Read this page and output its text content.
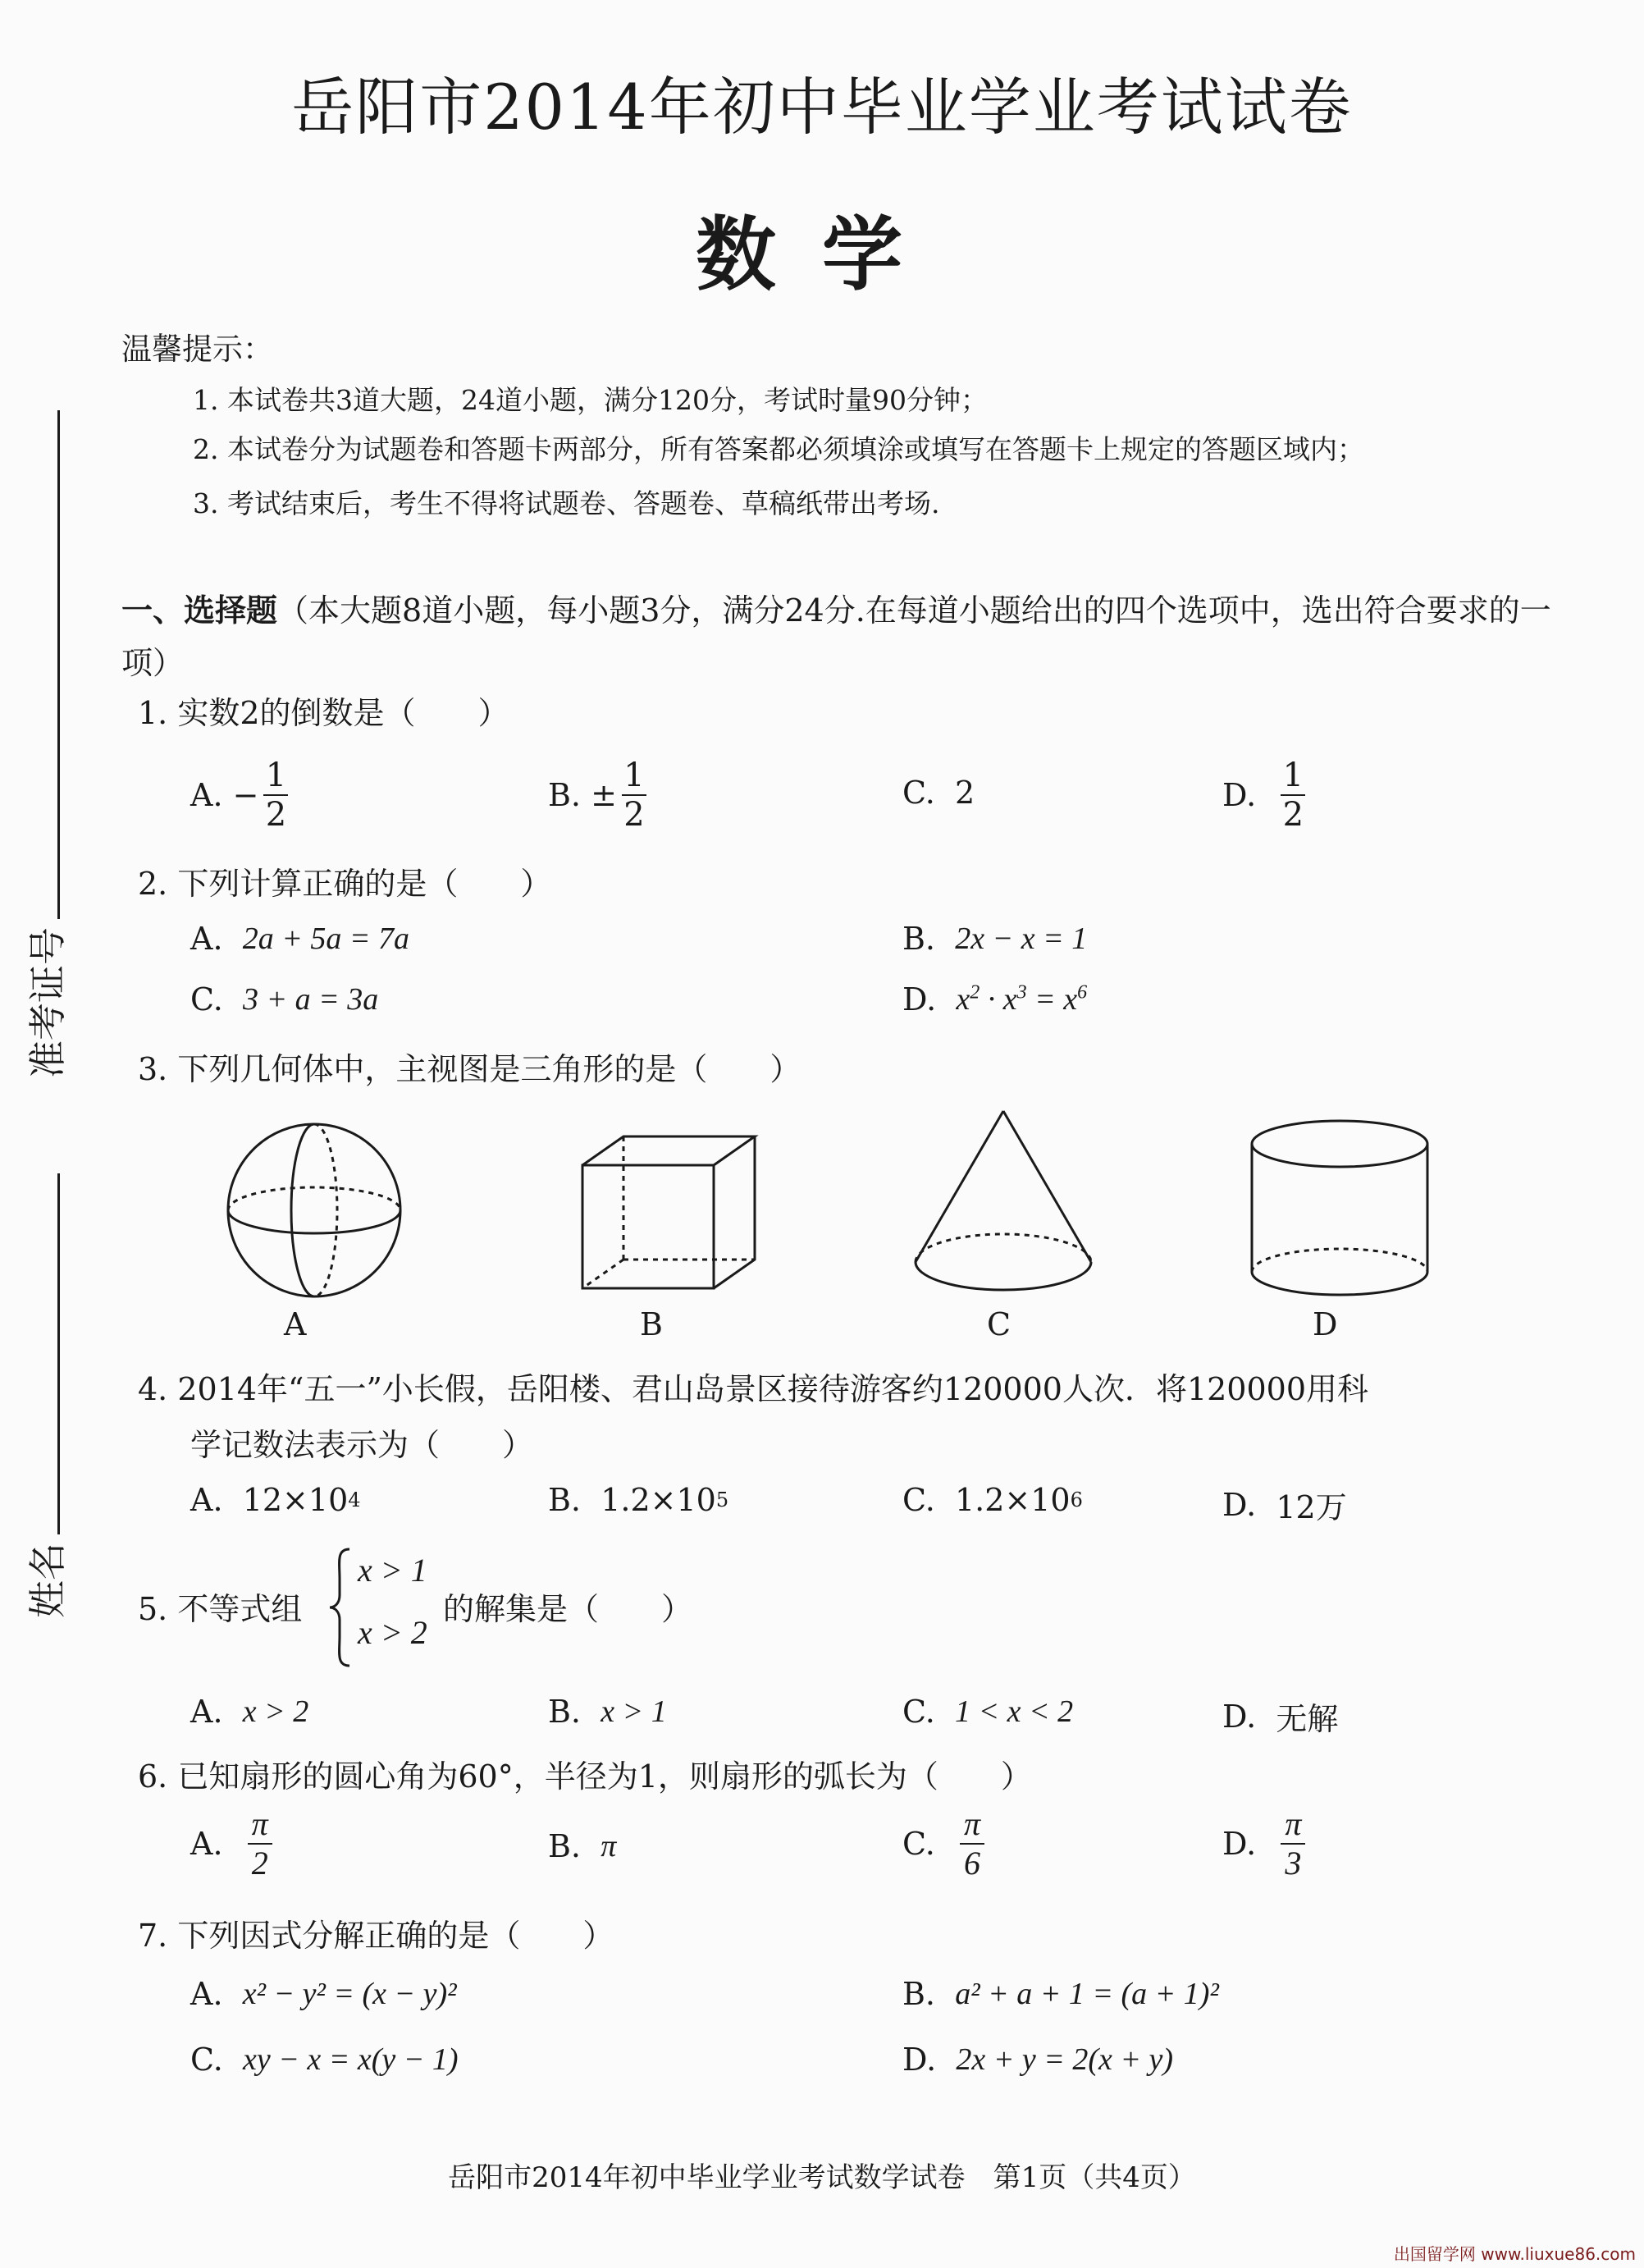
岳阳市2014年初中毕业学业考试试卷
数学
温馨提示：
1. 本试卷共3道大题，24道小题，满分120分，考试时量90分钟；
2. 本试卷分为试题卷和答题卡两部分，所有答案都必须填涂或填写在答题卡上规定的答题区域内；
3. 考试结束后，考生不得将试题卷、答题卷、草稿纸带出考场.
一、选择题（本大题8道小题，每小题3分，满分24分.在每道小题给出的四个选项中，选出符合要求的一项）
1. 实数2的倒数是（　　）
A.
− $\frac{1}{2}$	B.
± $\frac{1}{2}$	C.
2	D.
$\frac{1}{2}$
2. 下列计算正确的是（　　）
A.
2a + 5a = 7a	B.
2x − x = 1
C.
3 + a = 3a	D.
$x^2 \cdot x^3 = x^6$
3. 下列几何体中，主视图是三角形的是（　　）
A	B	C	D
4. 2014年“五一”小长假，岳阳楼、君山岛景区接待游客约120000人次．将120000用科
学记数法表示为（　　）
A.
12×10 4	B.
1.2×10 5	C.
1.2×10 6	D.
12万
5. 不等式组
x > 1
x > 2
的解集是（　　）
A.
x > 2	B.
x > 1	C.
1 < x < 2	D.
无解
6. 已知扇形的圆心角为60°，半径为1，则扇形的弧长为（　　）
A.
$\frac{\pi}{2}$	B.
π	C.
$\frac{\pi}{6}$	D.
$\frac{\pi}{3}$
7. 下列因式分解正确的是（　　）
A.
x² − y² = (x − y)²	B.
a² + a + 1 = (a + 1)²
C.
xy − x = x(y − 1)	D.
2x + y = 2(x + y)
准考证号
姓名
岳阳市2014年初中毕业学业考试数学试卷　第1页（共4页）
出国留学网 www.liuxue86.com
